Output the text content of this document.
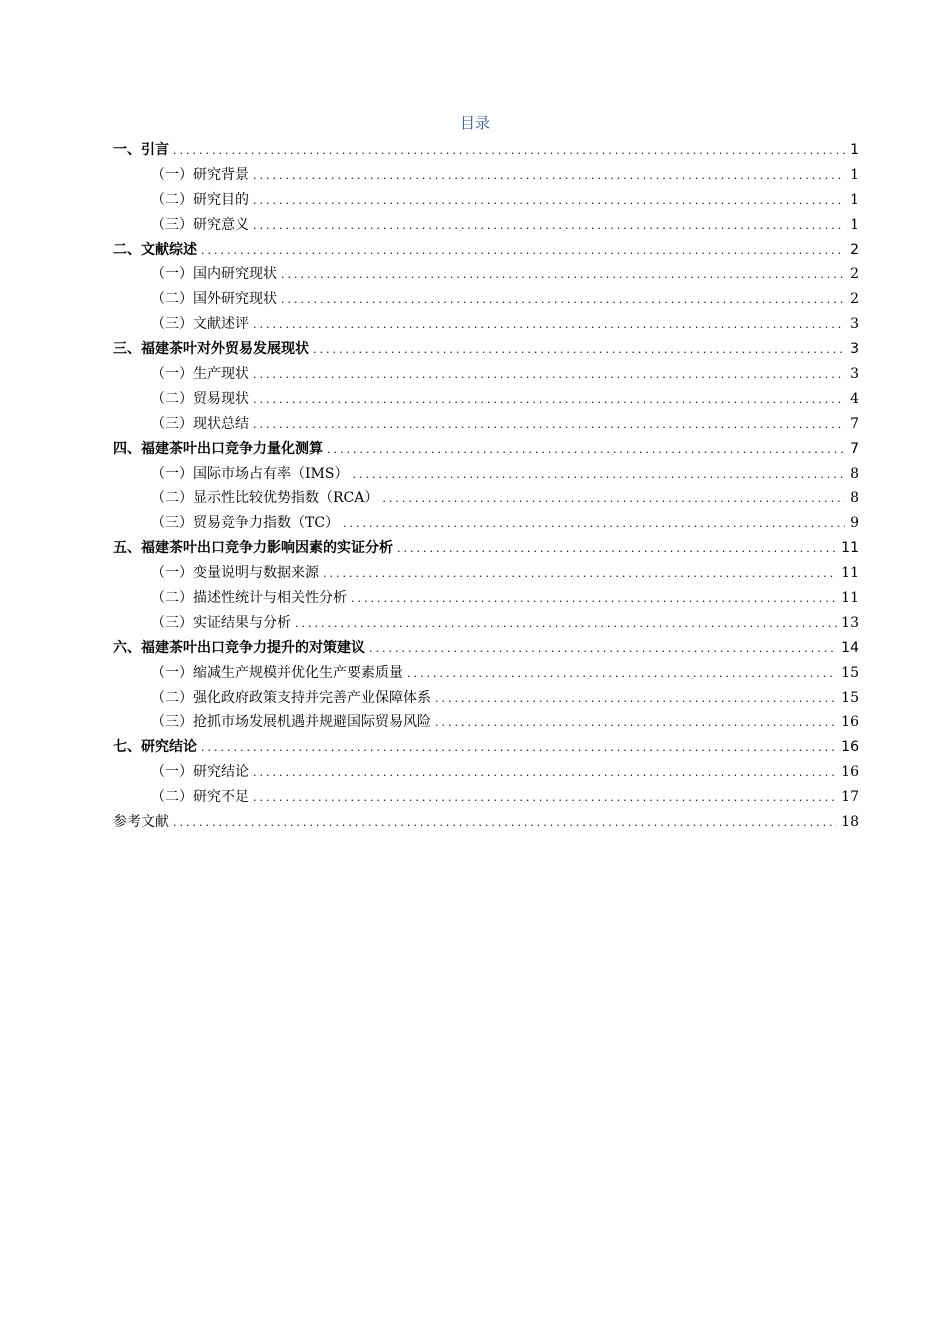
目录
一、引言 .....	1
（一）研究背景 .....	1
（二）研究目的 .....	1
（三）研究意义 .....	1
二、文献综述 .....	2
（一）国内研究现状 .....	2
（二）国外研究现状 .....	2
（三）文献述评 .....	3
三、福建茶叶对外贸易发展现状 .....	3
（一）生产现状 .....	3
（二）贸易现状 .....	4
（三）现状总结 .....	7
四、福建茶叶出口竞争力量化测算 .....	7
（一）国际市场占有率（IMS） .....	8
（二）显示性比较优势指数（RCA） .....	8
（三）贸易竞争力指数（TC） .....	9
五、福建茶叶出口竞争力影响因素的实证分析 .....	11
（一）变量说明与数据来源 .....	11
（二）描述性统计与相关性分析 .....	11
（三）实证结果与分析 .....	13
六、福建茶叶出口竞争力提升的对策建议 .....	14
（一）缩减生产规模并优化生产要素质量 .....	15
（二）强化政府政策支持并完善产业保障体系 .....	15
（三）抢抓市场发展机遇并规避国际贸易风险 .....	16
七、研究结论 .....	16
（一）研究结论 .....	16
（二）研究不足 .....	17
参考文献 .....	18
